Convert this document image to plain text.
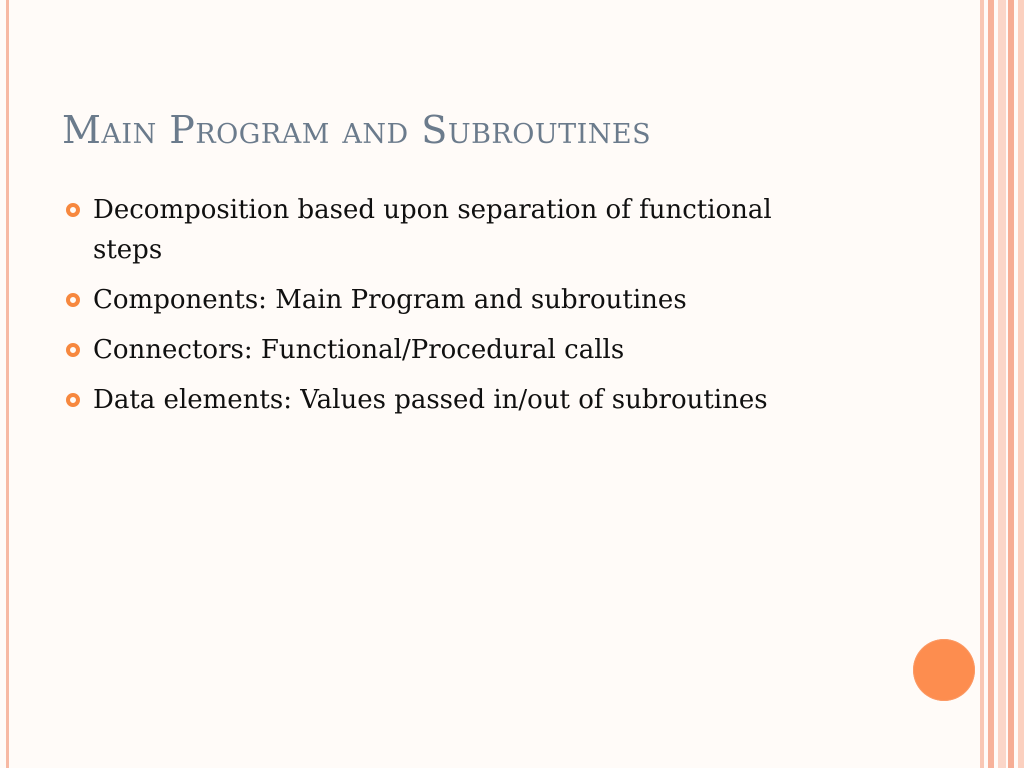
Main Program and Subroutines
Decomposition based upon separation of functional steps
Components: Main Program and subroutines
Connectors: Functional/Procedural calls
Data elements: Values passed in/out of subroutines
